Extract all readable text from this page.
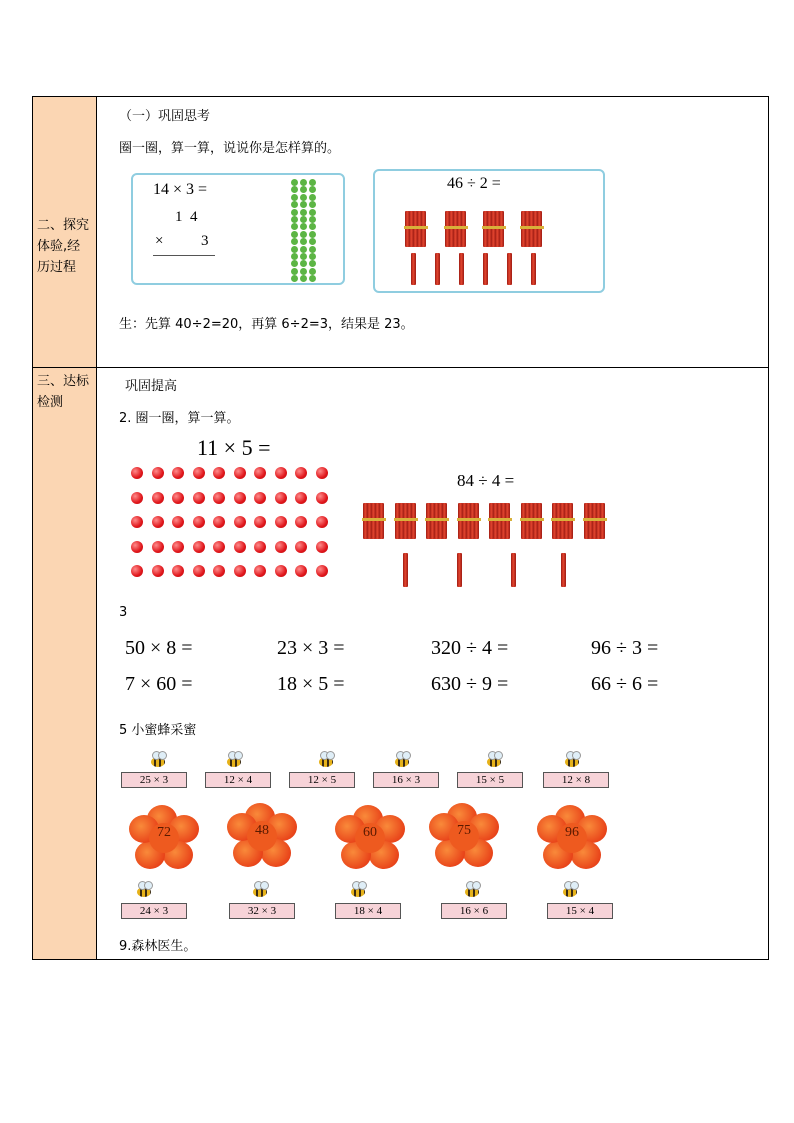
二、探究体验,经历过程
（一）巩固思考
圈一圈，算一算，说说你是怎样算的。
14 × 3 =
1  4
×	3
46 ÷ 2 =
生：先算 40÷2=20，再算 6÷2=3，结果是 23。
三、达标检测
巩固提高
2. 圈一圈，算一算。
11 × 5 =
84 ÷ 4 =
3
50 × 8 =	23 × 3 =	320 ÷ 4 =	96 ÷ 3 =
7 × 60 =	18 × 5 =	630 ÷ 9 =	66 ÷ 6 =
5 小蜜蜂采蜜
25 × 3	12 × 4	12 × 5	16 × 3	15 × 5	12 × 8
72	48	60	75	96
24 × 3	32 × 3	18 × 4	16 × 6	15 × 4
9.森林医生。
